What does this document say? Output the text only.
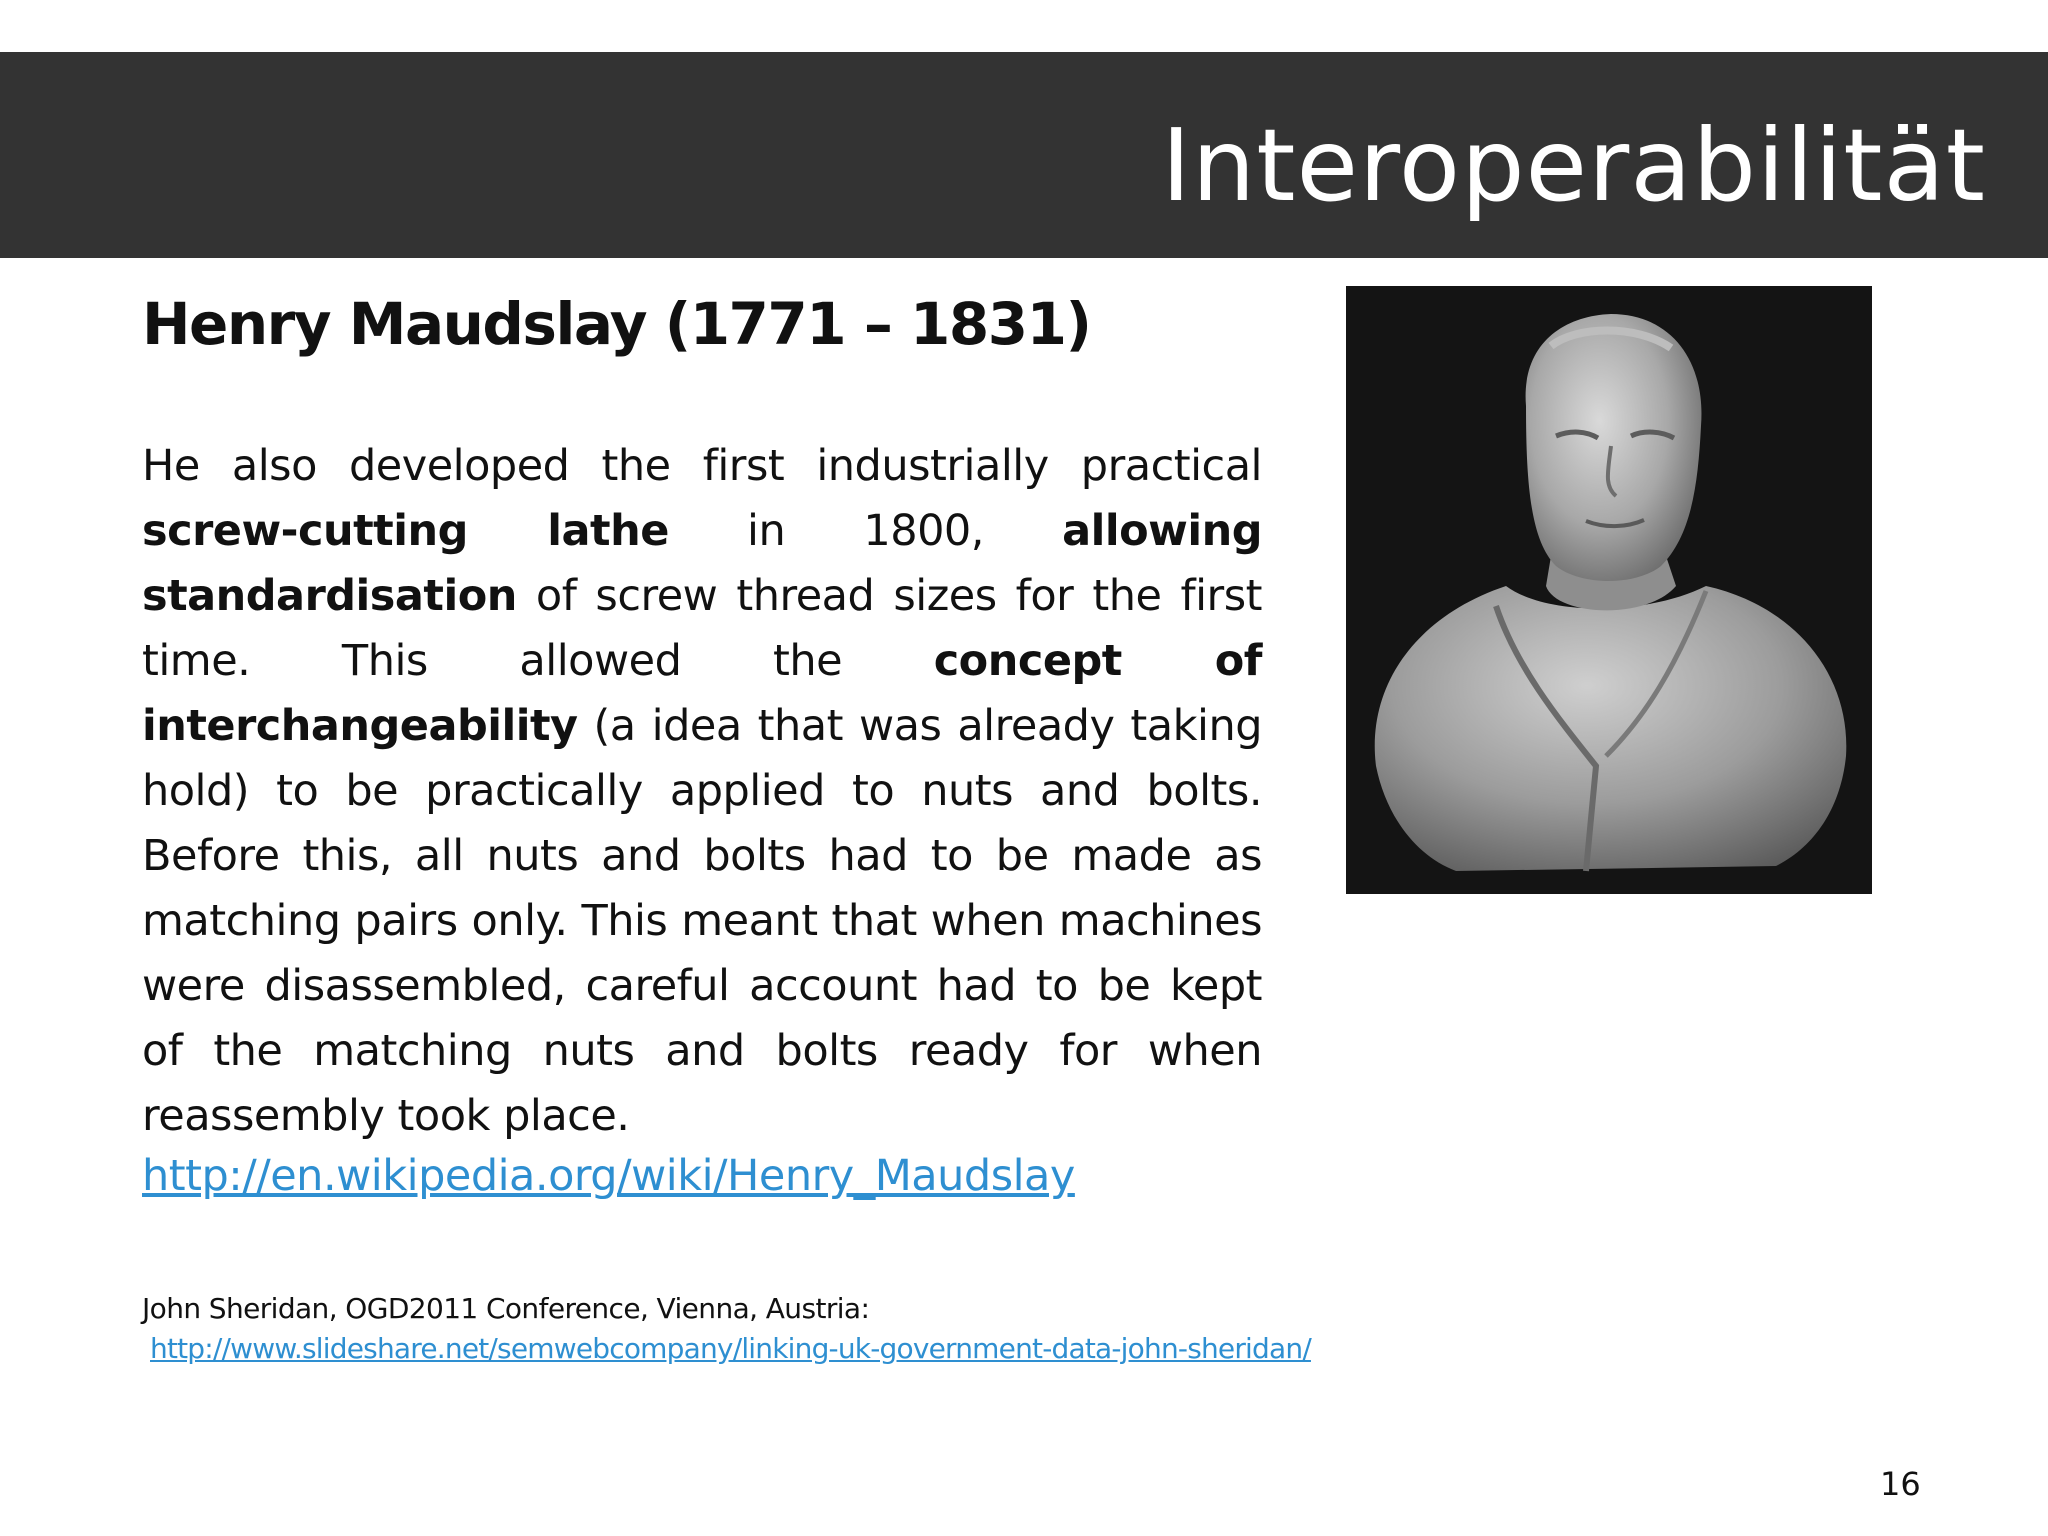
Interoperabilität
Henry Maudslay (1771 – 1831)

He also developed the first industrially practical screw-cutting lathe in 1800, allowing standardisation of screw thread sizes for the first time. This allowed the concept of interchangeability (a idea that was already taking hold) to be practically applied to nuts and bolts. Before this, all nuts and bolts had to be made as matching pairs only. This meant that when machines were disassembled, careful account had to be kept of the matching nuts and bolts ready for when reassembly took place.

http://en.wikipedia.org/wiki/Henry_Maudslay

John Sheridan, OGD2011 Conference, Vienna, Austria:

http://www.slideshare.net/semwebcompany/linking-uk-government-data-john-sheridan/
16
